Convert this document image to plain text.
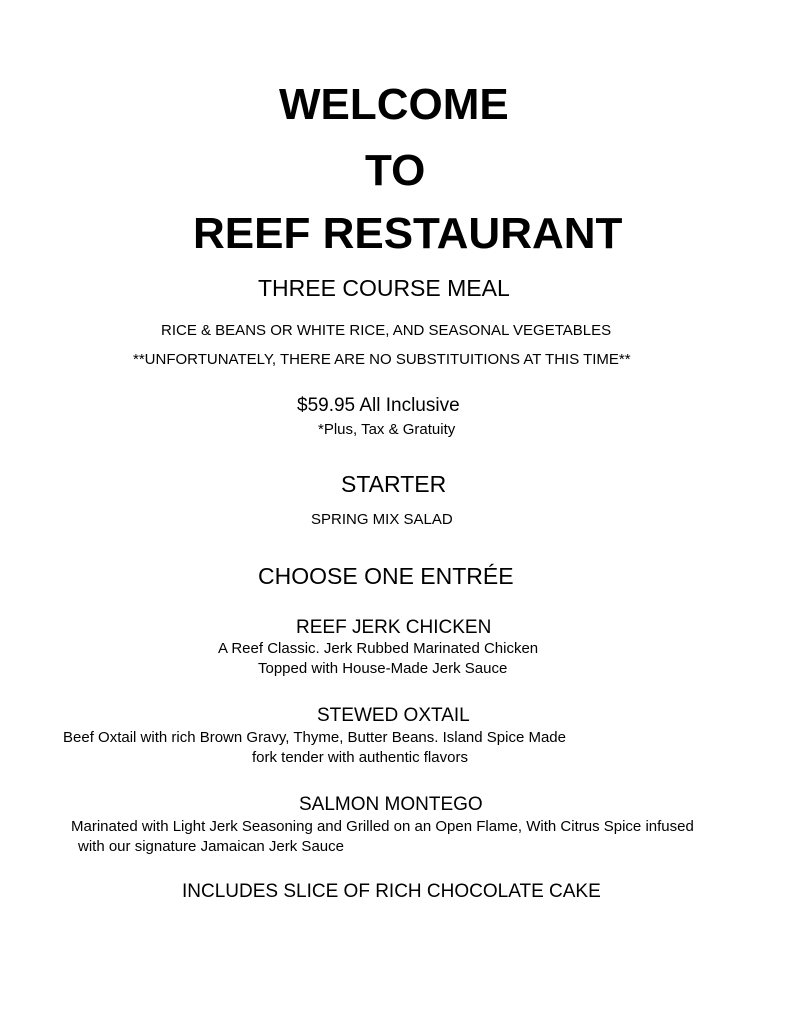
WELCOME
TO
REEF RESTAURANT
THREE COURSE MEAL
RICE & BEANS OR WHITE RICE, AND SEASONAL VEGETABLES
**UNFORTUNATELY, THERE ARE NO SUBSTITUITIONS AT THIS TIME**
$59.95 All Inclusive
*Plus, Tax & Gratuity
STARTER
SPRING MIX SALAD
CHOOSE ONE ENTRÉE
REEF JERK CHICKEN
A Reef Classic. Jerk Rubbed Marinated Chicken
Topped with House-Made Jerk Sauce
STEWED OXTAIL
Beef Oxtail with rich Brown Gravy, Thyme, Butter Beans. Island Spice Made
fork tender with authentic flavors
SALMON MONTEGO
Marinated with Light Jerk Seasoning and Grilled on an Open Flame, With Citrus Spice infused
with our signature Jamaican Jerk Sauce
INCLUDES SLICE OF RICH CHOCOLATE CAKE
